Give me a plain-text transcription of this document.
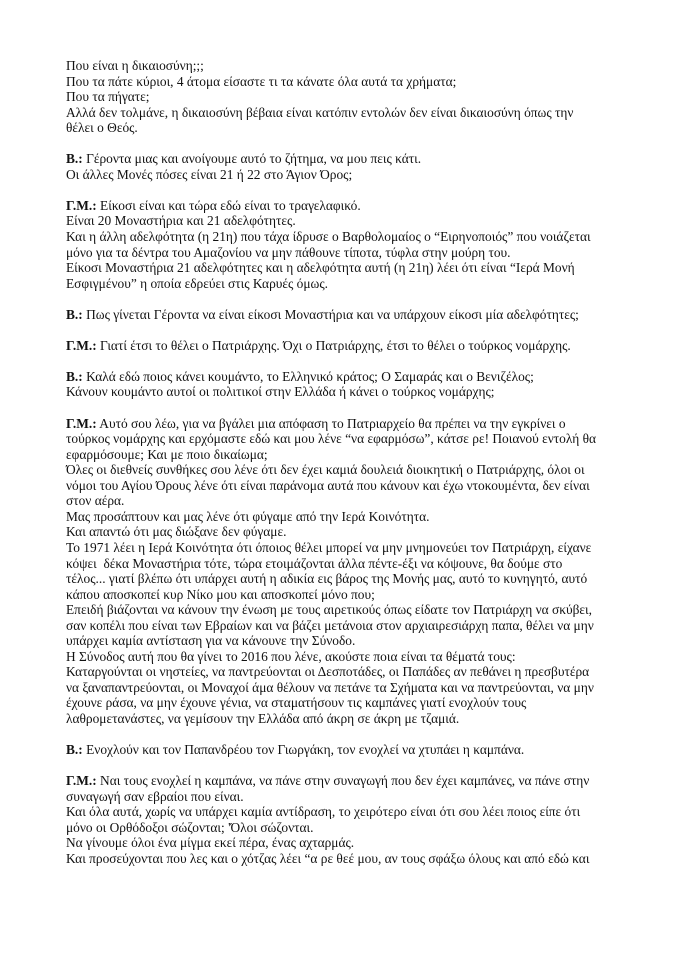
Που είναι η δικαιοσύνη;;;
Που τα πάτε κύριοι, 4 άτομα είσαστε τι τα κάνατε όλα αυτά τα χρήματα;
Που τα πήγατε;
Αλλά δεν τολμάνε, η δικαιοσύνη βέβαια είναι κατόπιν εντολών δεν είναι δικαιοσύνη όπως την
θέλει ο Θεός.
Β.: Γέροντα μιας και ανοίγουμε αυτό το ζήτημα, να μου πεις κάτι.
Οι άλλες Μονές πόσες είναι 21 ή 22 στο Άγιον Όρος;
Γ.Μ.: Είκοσι είναι και τώρα εδώ είναι το τραγελαφικό.
Είναι 20 Μοναστήρια και 21 αδελφότητες.
Και η άλλη αδελφότητα (η 21η) που τάχα ίδρυσε ο Βαρθολομαίος ο “Ειρηνοποιός” που νοιάζεται
μόνο για τα δέντρα του Αμαζονίου να μην πάθουνε τίποτα, τύφλα στην μούρη του.
Είκοσι Μοναστήρια 21 αδελφότητες και η αδελφότητα αυτή (η 21η) λέει ότι είναι “Ιερά Μονή
Εσφιγμένου” η οποία εδρεύει στις Καρυές όμως.
Β.: Πως γίνεται Γέροντα να είναι είκοσι Μοναστήρια και να υπάρχουν είκοσι μία αδελφότητες;
Γ.Μ.: Γιατί έτσι το θέλει ο Πατριάρχης. Όχι ο Πατριάρχης, έτσι το θέλει ο τούρκος νομάρχης.
Β.: Καλά εδώ ποιος κάνει κουμάντο, το Ελληνικό κράτος; Ο Σαμαράς και ο Βενιζέλος;
Κάνουν κουμάντο αυτοί οι πολιτικοί στην Ελλάδα ή κάνει ο τούρκος νομάρχης;
Γ.Μ.: Αυτό σου λέω, για να βγάλει μια απόφαση το Πατριαρχείο θα πρέπει να την εγκρίνει ο
τούρκος νομάρχης και ερχόμαστε εδώ και μου λένε “να εφαρμόσω”, κάτσε ρε! Ποιανού εντολή θα
εφαρμόσουμε; Και με ποιο δικαίωμα;
Όλες οι διεθνείς συνθήκες σου λένε ότι δεν έχει καμιά δουλειά διοικητική ο Πατριάρχης, όλοι οι
νόμοι του Αγίου Όρους λένε ότι είναι παράνομα αυτά που κάνουν και έχω ντοκουμέντα, δεν είναι
στον αέρα.
Μας προσάπτουν και μας λένε ότι φύγαμε από την Ιερά Κοινότητα.
Και απαντώ ότι μας διώξανε δεν φύγαμε.
Το 1971 λέει η Ιερά Κοινότητα ότι όποιος θέλει μπορεί να μην μνημονεύει τον Πατριάρχη, είχανε
κόψει  δέκα Μοναστήρια τότε, τώρα ετοιμάζονται άλλα πέντε-έξι να κόψουνε, θα δούμε στο
τέλος... γιατί βλέπω ότι υπάρχει αυτή η αδικία εις βάρος της Μονής μας, αυτό το κυνηγητό, αυτό
κάπου αποσκοπεί κυρ Νίκο μου και αποσκοπεί μόνο που;
Επειδή βιάζονται να κάνουν την ένωση με τους αιρετικούς όπως είδατε τον Πατριάρχη να σκύβει,
σαν κοπέλι που είναι των Εβραίων και να βάζει μετάνοια στον αρχιαιρεσιάρχη παπα, θέλει να μην
υπάρχει καμία αντίσταση για να κάνουνε την Σύνοδο.
Η Σύνοδος αυτή που θα γίνει το 2016 που λένε, ακούστε ποια είναι τα θέματά τους:
Καταργούνται οι νηστείες, να παντρεύονται οι Δεσποτάδες, οι Παπάδες αν πεθάνει η πρεσβυτέρα
να ξαναπαντρεύονται, οι Μοναχοί άμα θέλουν να πετάνε τα Σχήματα και να παντρεύονται, να μην
έχουνε ράσα, να μην έχουνε γένια, να σταματήσουν τις καμπάνες γιατί ενοχλούν τους
λαθρομετανάστες, να γεμίσουν την Ελλάδα από άκρη σε άκρη με τζαμιά.
Β.: Ενοχλούν και τον Παπανδρέου τον Γιωργάκη, τον ενοχλεί να χτυπάει η καμπάνα.
Γ.Μ.: Ναι τους ενοχλεί η καμπάνα, να πάνε στην συναγωγή που δεν έχει καμπάνες, να πάνε στην
συναγωγή σαν εβραίοι που είναι.
Και όλα αυτά, χωρίς να υπάρχει καμία αντίδραση, το χειρότερο είναι ότι σου λέει ποιος είπε ότι
μόνο οι Ορθόδοξοι σώζονται; 'Όλοι σώζονται.
Να γίνουμε όλοι ένα μίγμα εκεί πέρα, ένας αχταρμάς.
Και προσεύχονται που λες και ο χότζας λέει “α ρε θεέ μου, αν τους σφάξω όλους και από εδώ και
